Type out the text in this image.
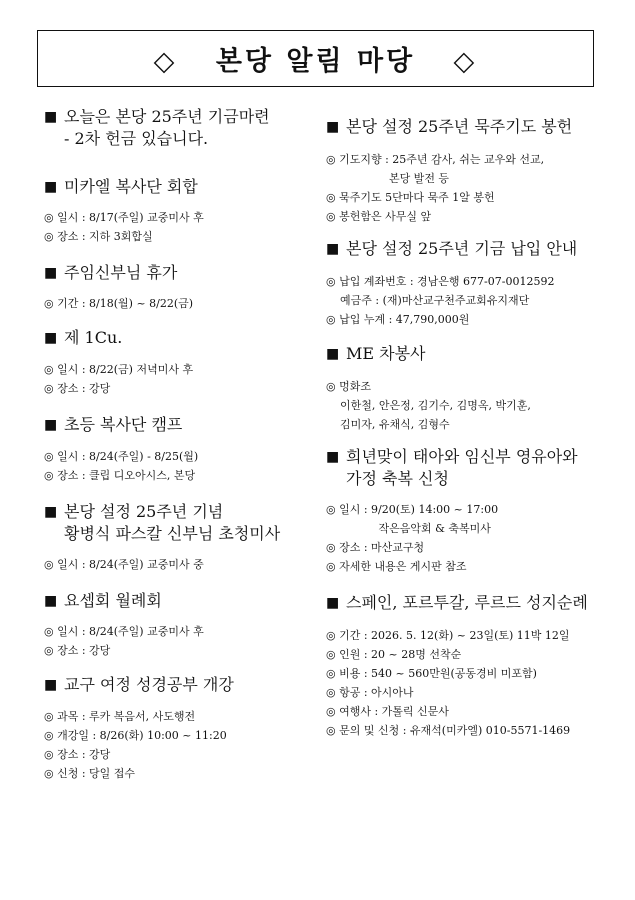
◇ 본당 알림 마당 ◇
■ 오늘은 본당 25주년 기금마련
- 2차 헌금 있습니다.
■ 미카엘 복사단 회합
◎ 일시 : 8/17(주일) 교중미사 후
◎ 장소 : 지하 3회합실
■ 주임신부님 휴가
◎ 기간 : 8/18(월) ~ 8/22(금)
■ 제 1Cu.
◎ 일시 : 8/22(금) 저녁미사 후
◎ 장소 : 강당
■ 초등 복사단 캠프
◎ 일시 : 8/24(주일) - 8/25(월)
◎ 장소 : 클립 디오아시스, 본당
■ 본당 설정 25주년 기념
황병식 파스칼 신부님 초청미사
◎ 일시 : 8/24(주일) 교중미사 중
■ 요셉회 월례회
◎ 일시 : 8/24(주일) 교중미사 후
◎ 장소 : 강당
■ 교구 여정 성경공부 개강
◎ 과목 : 루카 복음서, 사도행전
◎ 개강일 : 8/26(화) 10:00 ~ 11:20
◎ 장소 : 강당
◎ 신청 : 당일 접수
■ 본당 설정 25주년 묵주기도 봉헌
◎ 기도지향 : 25주년 감사, 쉬는 교우와 선교,
본당 발전 등
◎ 묵주기도 5단마다 묵주 1알 봉헌
◎ 봉헌함은 사무실 앞
■ 본당 설정 25주년 기금 납입 안내
◎ 납입 계좌번호 : 경남은행 677-07-0012592
예금주 : (재)마산교구천주교회유지재단
◎ 납입 누계 : 47,790,000원
■ ME 차봉사
◎ 멍화조
이한철, 안은정, 김기수, 김명옥, 박기훈,
김미자, 유채식, 김형수
■ 희년맞이 태아와 임신부 영유아와
가정 축복 신청
◎ 일시 : 9/20(토) 14:00 ~ 17:00
작은음악회 & 축복미사
◎ 장소 : 마산교구청
◎ 자세한 내용은 게시판 참조
■ 스페인, 포르투갈, 루르드 성지순례
◎ 기간 : 2026. 5. 12(화) ~ 23일(토) 11박 12일
◎ 인원 : 20 ~ 28명 선착순
◎ 비용 : 540 ~ 560만원(공동경비 미포함)
◎ 항공 : 아시아나
◎ 여행사 : 가톨릭 신문사
◎ 문의 및 신청 : 유재석(미카엘) 010-5571-1469
